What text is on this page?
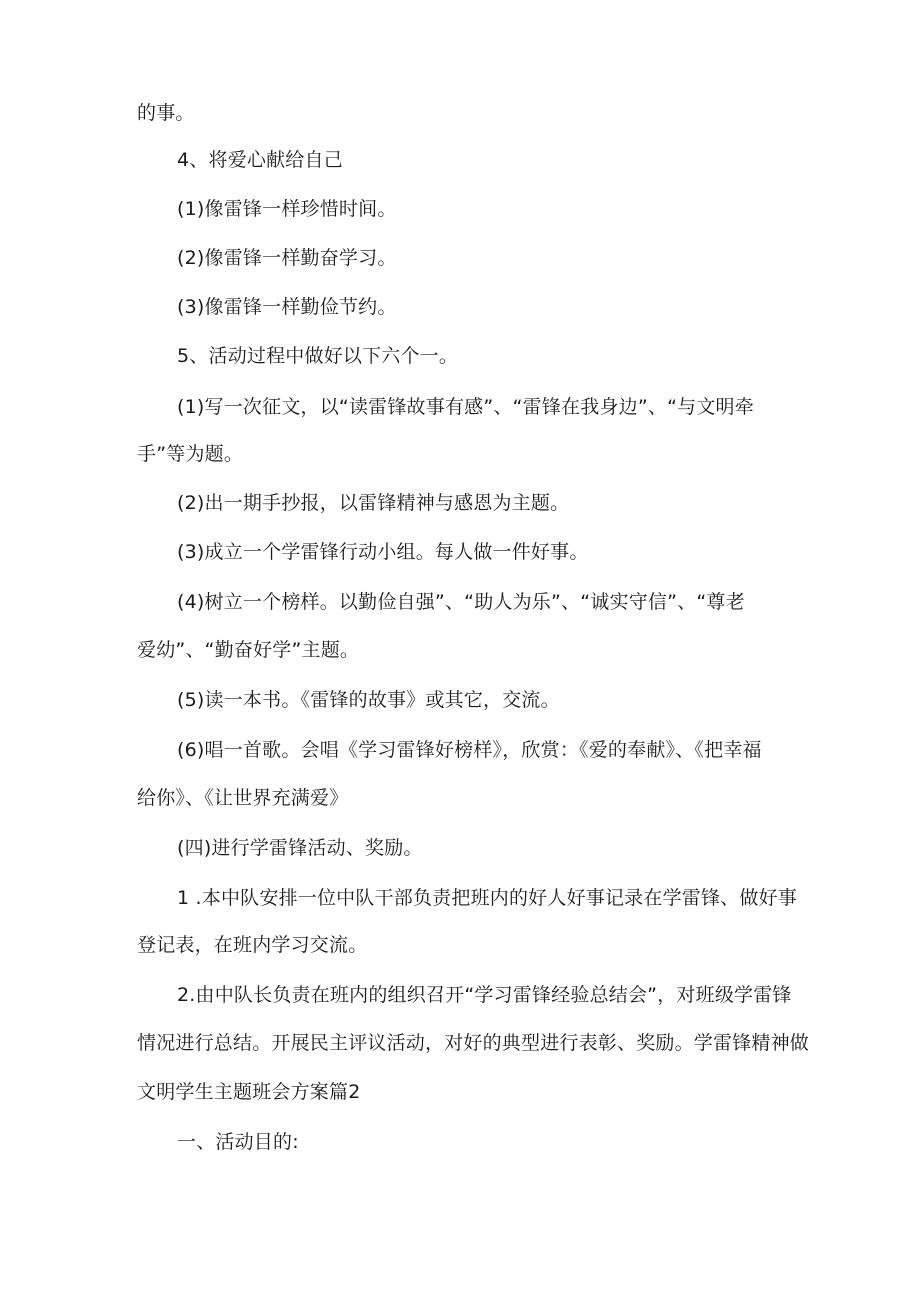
的事。
4、将爱心献给自己
(1)像雷锋一样珍惜时间。
(2)像雷锋一样勤奋学习。
(3)像雷锋一样勤俭节约。
5、活动过程中做好以下六个一。
(1)写一次征文，以“读雷锋故事有感”、“雷锋在我身边”、“与文明牵
手”等为题。
(2)出一期手抄报，以雷锋精神与感恩为主题。
(3)成立一个学雷锋行动小组。每人做一件好事。
(4)树立一个榜样。以勤俭自强”、“助人为乐”、“诚实守信”、“尊老
爱幼”、“勤奋好学”主题。
(5)读一本书。《雷锋的故事》或其它，交流。
(6)唱一首歌。会唱《学习雷锋好榜样》，欣赏：《爱的奉献》、《把幸福
给你》、《让世界充满爱》
(四)进行学雷锋活动、奖励。
1 .本中队安排一位中队干部负责把班内的好人好事记录在学雷锋、做好事
登记表，在班内学习交流。
2.由中队长负责在班内的组织召开“学习雷锋经验总结会”，对班级学雷锋
情况进行总结。开展民主评议活动，对好的典型进行表彰、奖励。学雷锋精神做
文明学生主题班会方案篇2
一、活动目的:
